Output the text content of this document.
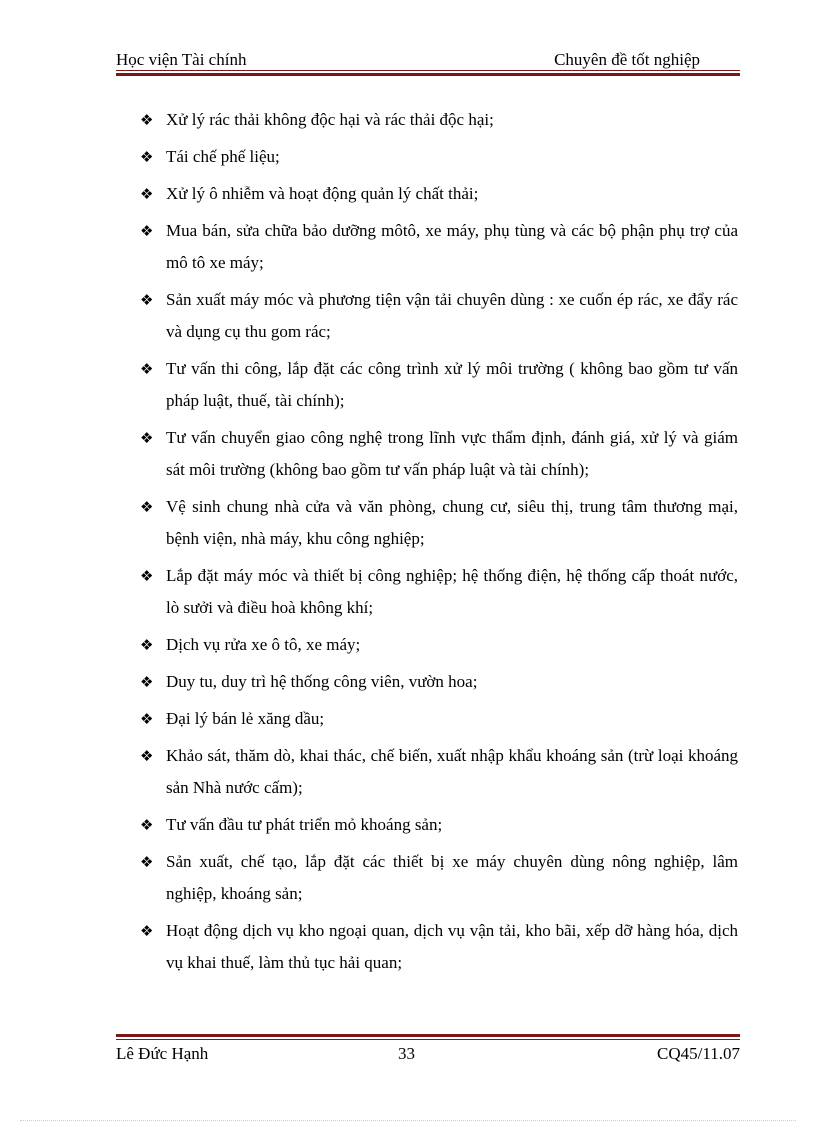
Học viện Tài chính	Chuyên đề tốt nghiệp
❖ Xử lý rác thải không độc hại và rác thải độc hại;
❖ Tái chế phế liệu;
❖ Xử lý ô nhiễm và hoạt động quản lý chất thải;
❖ Mua bán, sửa chữa bảo dưỡng môtô, xe máy, phụ tùng và các bộ phận phụ trợ của mô tô xe máy;
❖ Sản xuất máy móc và phương tiện vận tải chuyên dùng : xe cuốn ép rác, xe đẩy rác và dụng cụ thu gom rác;
❖ Tư vấn thi công, lắp đặt các công trình xử lý môi trường ( không bao gồm tư vấn pháp luật, thuế, tài chính);
❖ Tư vấn chuyển giao công nghệ trong lĩnh vực thẩm định, đánh giá, xử lý và giám sát môi trường (không bao gồm tư vấn pháp luật và tài chính);
❖ Vệ sinh chung nhà cửa và văn phòng, chung cư, siêu thị, trung tâm thương mại, bệnh viện, nhà máy, khu công nghiệp;
❖ Lắp đặt máy móc và thiết bị công nghiệp; hệ thống điện, hệ thống cấp thoát nước, lò sưởi và điều hoà không khí;
❖ Dịch vụ rửa xe ô tô, xe máy;
❖ Duy tu, duy trì hệ thống công viên, vườn hoa;
❖ Đại lý bán lẻ xăng dầu;
❖ Khảo sát, thăm dò, khai thác, chế biến, xuất nhập khẩu khoáng sản (trừ loại khoáng sản Nhà nước cấm);
❖ Tư vấn đầu tư phát triển mỏ khoáng sản;
❖ Sản xuất, chế tạo, lắp đặt các thiết bị xe máy chuyên dùng nông nghiệp, lâm nghiệp, khoáng sản;
❖ Hoạt động dịch vụ kho ngoại quan, dịch vụ vận tải, kho bãi, xếp dỡ hàng hóa, dịch vụ khai thuế, làm thủ tục hải quan;
Lê Đức Hạnh	33	CQ45/11.07
